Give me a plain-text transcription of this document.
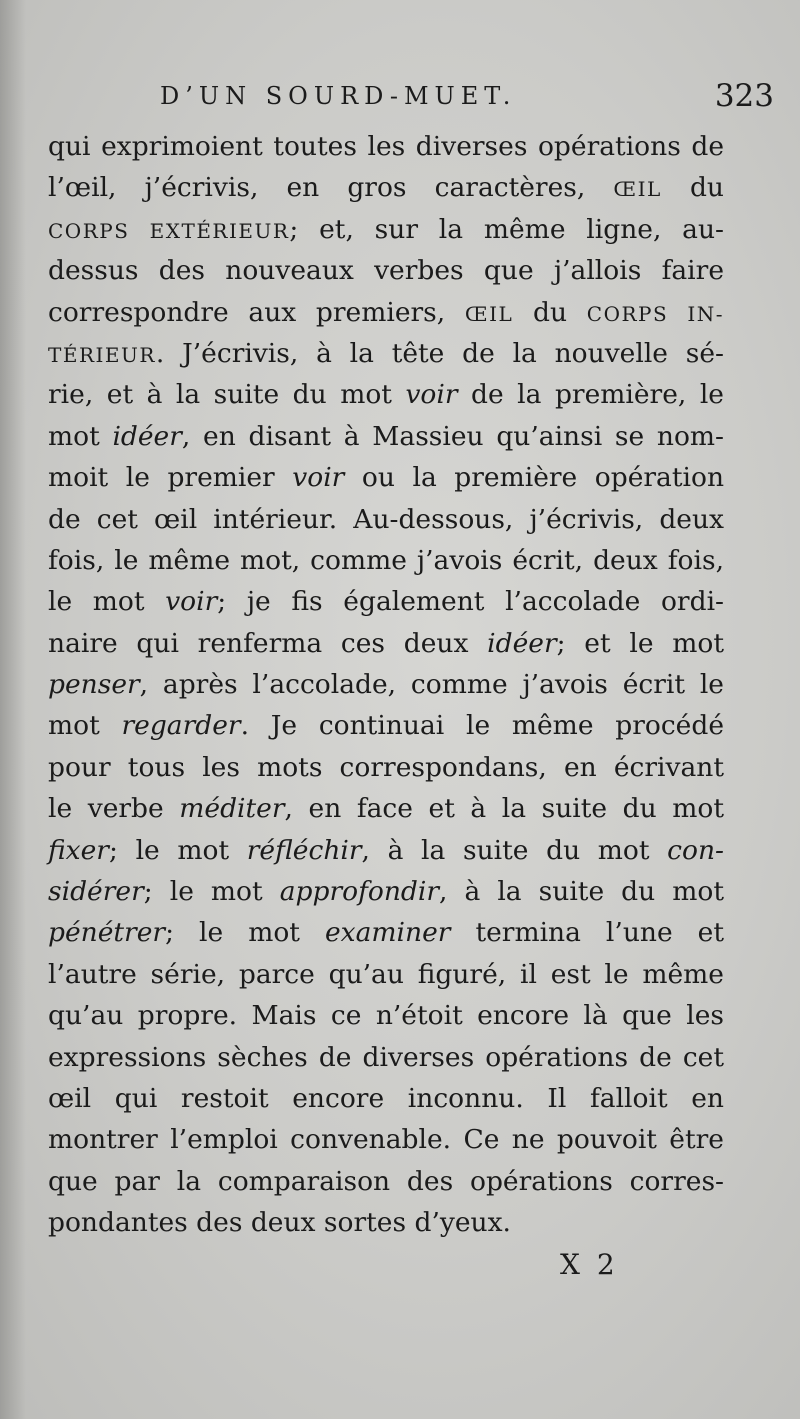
D’UN SOURD-MUET.	323
qui exprimoient toutes les diverses opérations de
l’œil, j’écrivis, en gros caractères, ŒIL du
CORPS EXTÉRIEUR; et, sur la même ligne, au-
dessus des nouveaux verbes que j’allois faire
correspondre aux premiers, ŒIL du CORPS IN-
TÉRIEUR. J’écrivis, à la tête de la nouvelle sé-
rie, et à la suite du mot voir de la première, le
mot idéer, en disant à Massieu qu’ainsi se nom-
moit le premier voir ou la première opération
de cet œil intérieur. Au-dessous, j’écrivis, deux
fois, le même mot, comme j’avois écrit, deux fois,
le mot voir; je fis également l’accolade ordi-
naire qui renferma ces deux idéer; et le mot
penser, après l’accolade, comme j’avois écrit le
mot regarder. Je continuai le même procédé
pour tous les mots correspondans, en écrivant
le verbe méditer, en face et à la suite du mot
fixer; le mot réfléchir, à la suite du mot con-
sidérer; le mot approfondir, à la suite du mot
pénétrer; le mot examiner termina l’une et
l’autre série, parce qu’au figuré, il est le même
qu’au propre. Mais ce n’étoit encore là que les
expressions sèches de diverses opérations de cet
œil qui restoit encore inconnu. Il falloit en
montrer l’emploi convenable. Ce ne pouvoit être
que par la comparaison des opérations corres-
pondantes des deux sortes d’yeux.
X 2
